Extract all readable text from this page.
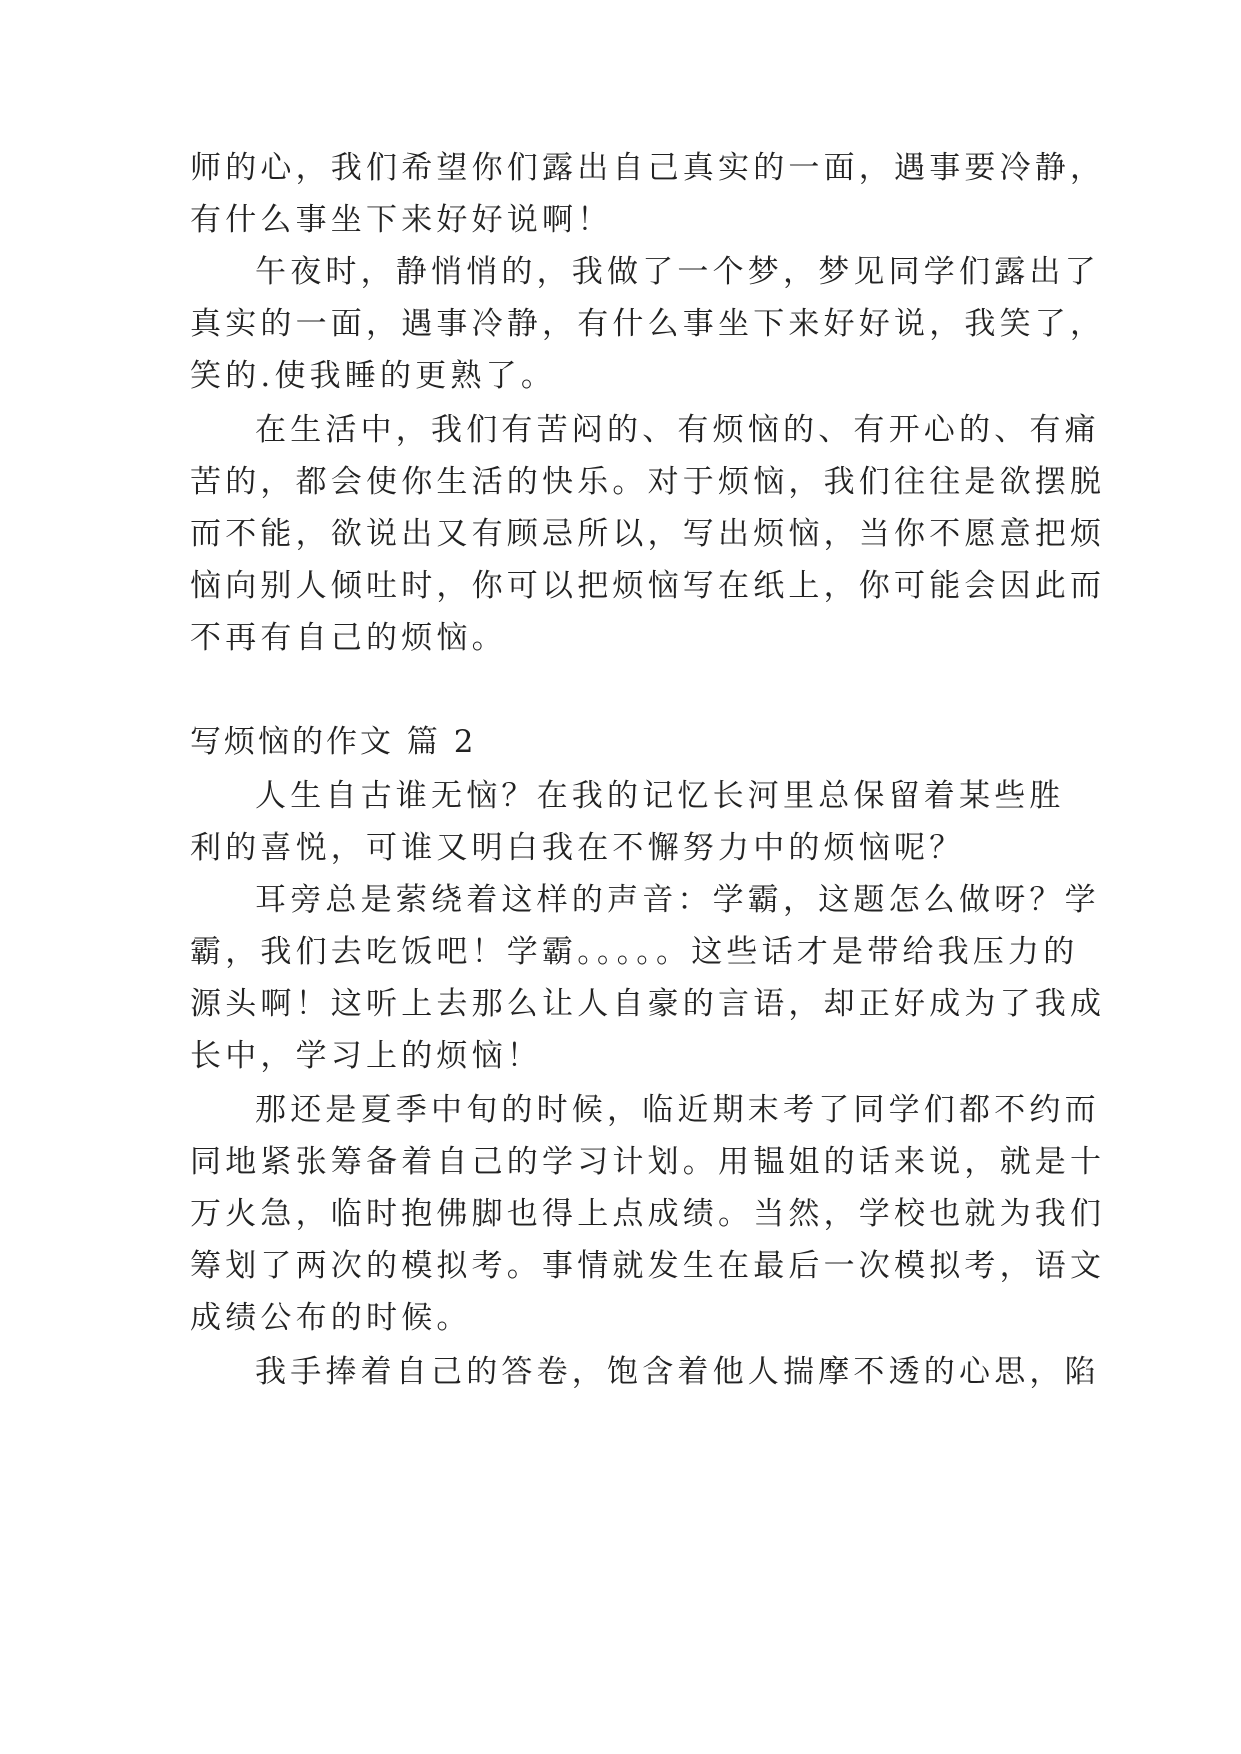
师的心，我们希望你们露出自己真实的一面，遇事要冷静，
有什么事坐下来好好说啊！
午夜时，静悄悄的，我做了一个梦，梦见同学们露出了
真实的一面，遇事冷静，有什么事坐下来好好说，我笑了，
笑的.使我睡的更熟了。
在生活中，我们有苦闷的、有烦恼的、有开心的、有痛
苦的，都会使你生活的快乐。对于烦恼，我们往往是欲摆脱
而不能，欲说出又有顾忌所以，写出烦恼，当你不愿意把烦
恼向别人倾吐时，你可以把烦恼写在纸上，你可能会因此而
不再有自己的烦恼。
写烦恼的作文 篇 2
人生自古谁无恼？在我的记忆长河里总保留着某些胜
利的喜悦，可谁又明白我在不懈努力中的烦恼呢？
耳旁总是萦绕着这样的声音：学霸，这题怎么做呀？学
霸，我们去吃饭吧！学霸。。。。。这些话才是带给我压力的
源头啊！这听上去那么让人自豪的言语，却正好成为了我成
长中，学习上的烦恼！
那还是夏季中旬的时候，临近期末考了同学们都不约而
同地紧张筹备着自己的学习计划。用韫姐的话来说，就是十
万火急，临时抱佛脚也得上点成绩。当然，学校也就为我们
筹划了两次的模拟考。事情就发生在最后一次模拟考，语文
成绩公布的时候。
我手捧着自己的答卷，饱含着他人揣摩不透的心思，陷
